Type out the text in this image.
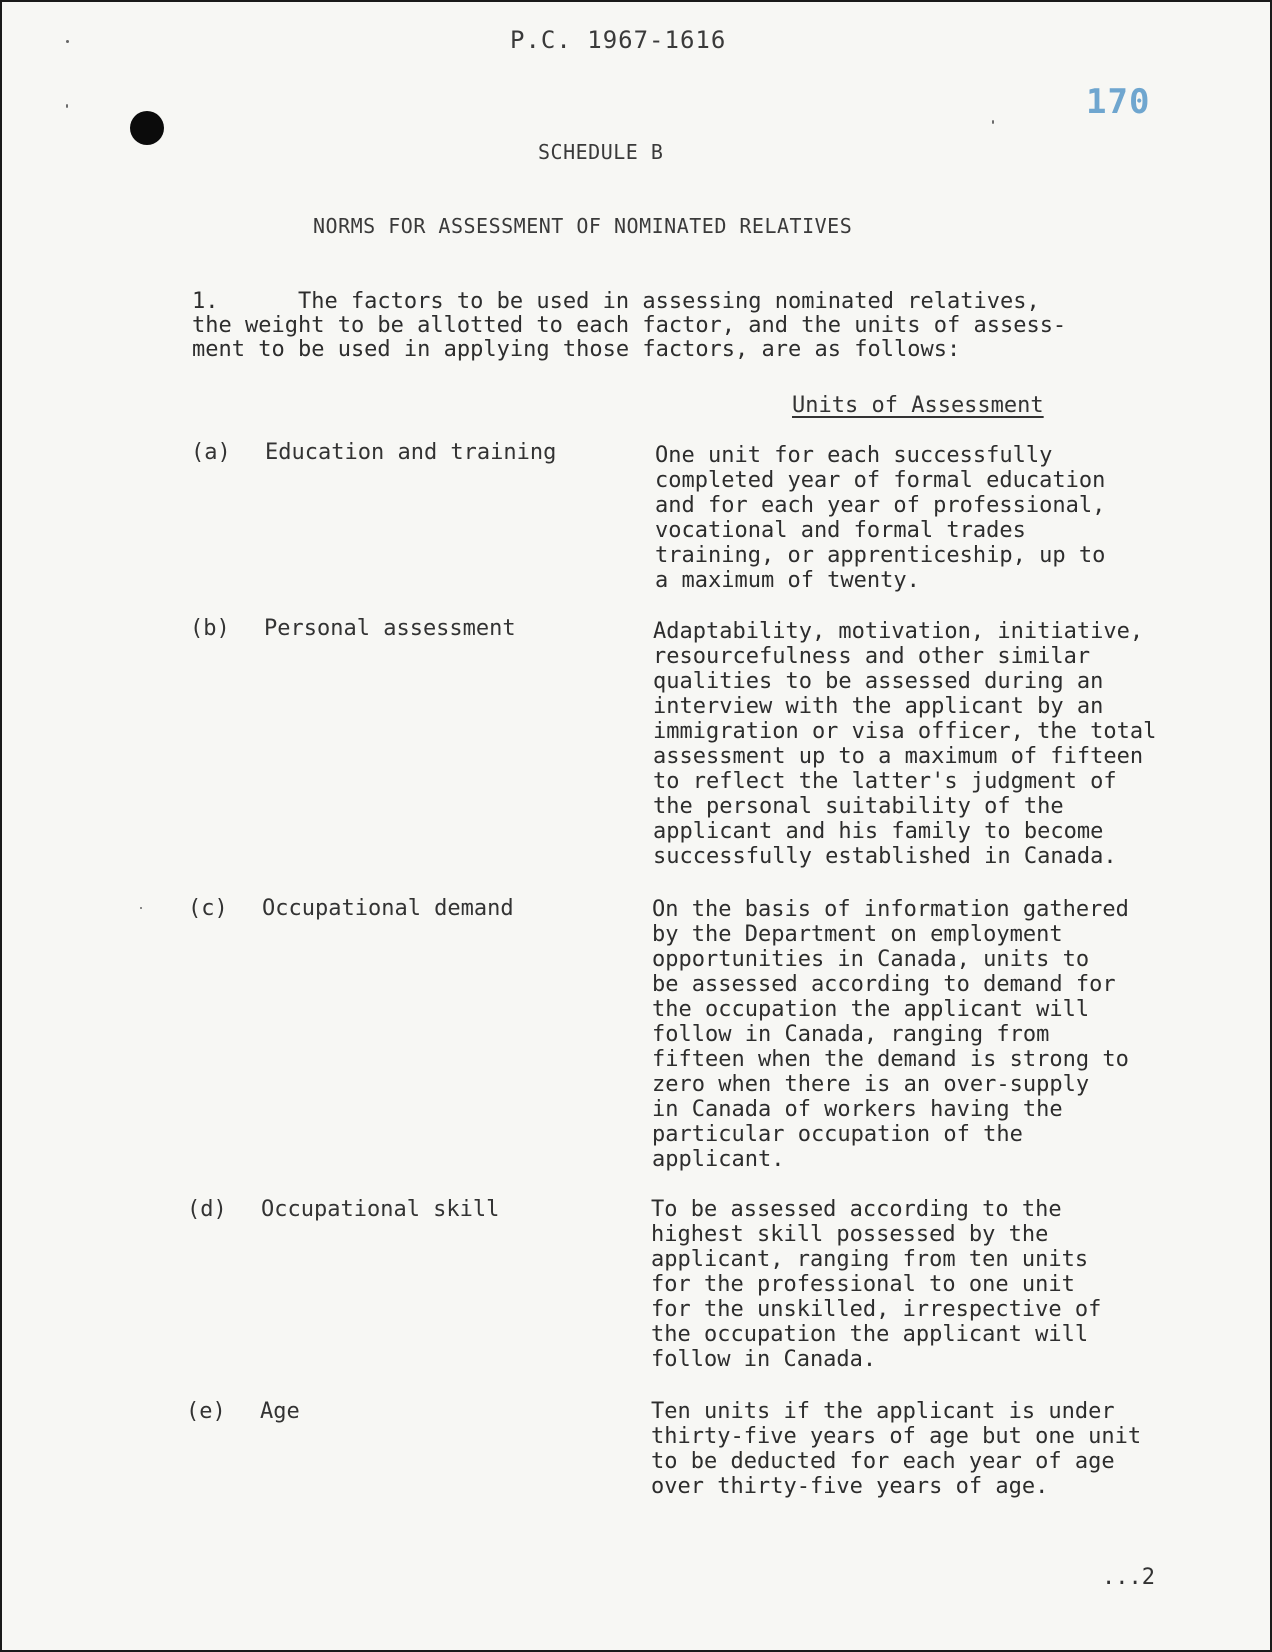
P.C. 1967-1616
170
SCHEDULE B
NORMS FOR ASSESSMENT OF NOMINATED RELATIVES
1.      The factors to be used in assessing nominated relatives,
the weight to be allotted to each factor, and the units of assess-
ment to be used in applying those factors, are as follows:
Units of Assessment
(a) Education and training	One unit for each successfully
completed year of formal education
and for each year of professional,
vocational and formal trades
training, or apprenticeship, up to
a maximum of twenty.
(b) Personal assessment	Adaptability, motivation, initiative,
resourcefulness and other similar
qualities to be assessed during an
interview with the applicant by an
immigration or visa officer, the total
assessment up to a maximum of fifteen
to reflect the latter's judgment of
the personal suitability of the
applicant and his family to become
successfully established in Canada.
(c) Occupational demand	On the basis of information gathered
by the Department on employment
opportunities in Canada, units to
be assessed according to demand for
the occupation the applicant will
follow in Canada, ranging from
fifteen when the demand is strong to
zero when there is an over-supply
in Canada of workers having the
particular occupation of the
applicant.
(d) Occupational skill	To be assessed according to the
highest skill possessed by the
applicant, ranging from ten units
for the professional to one unit
for the unskilled, irrespective of
the occupation the applicant will
follow in Canada.
(e) Age	Ten units if the applicant is under
thirty-five years of age but one unit
to be deducted for each year of age
over thirty-five years of age.
...2
